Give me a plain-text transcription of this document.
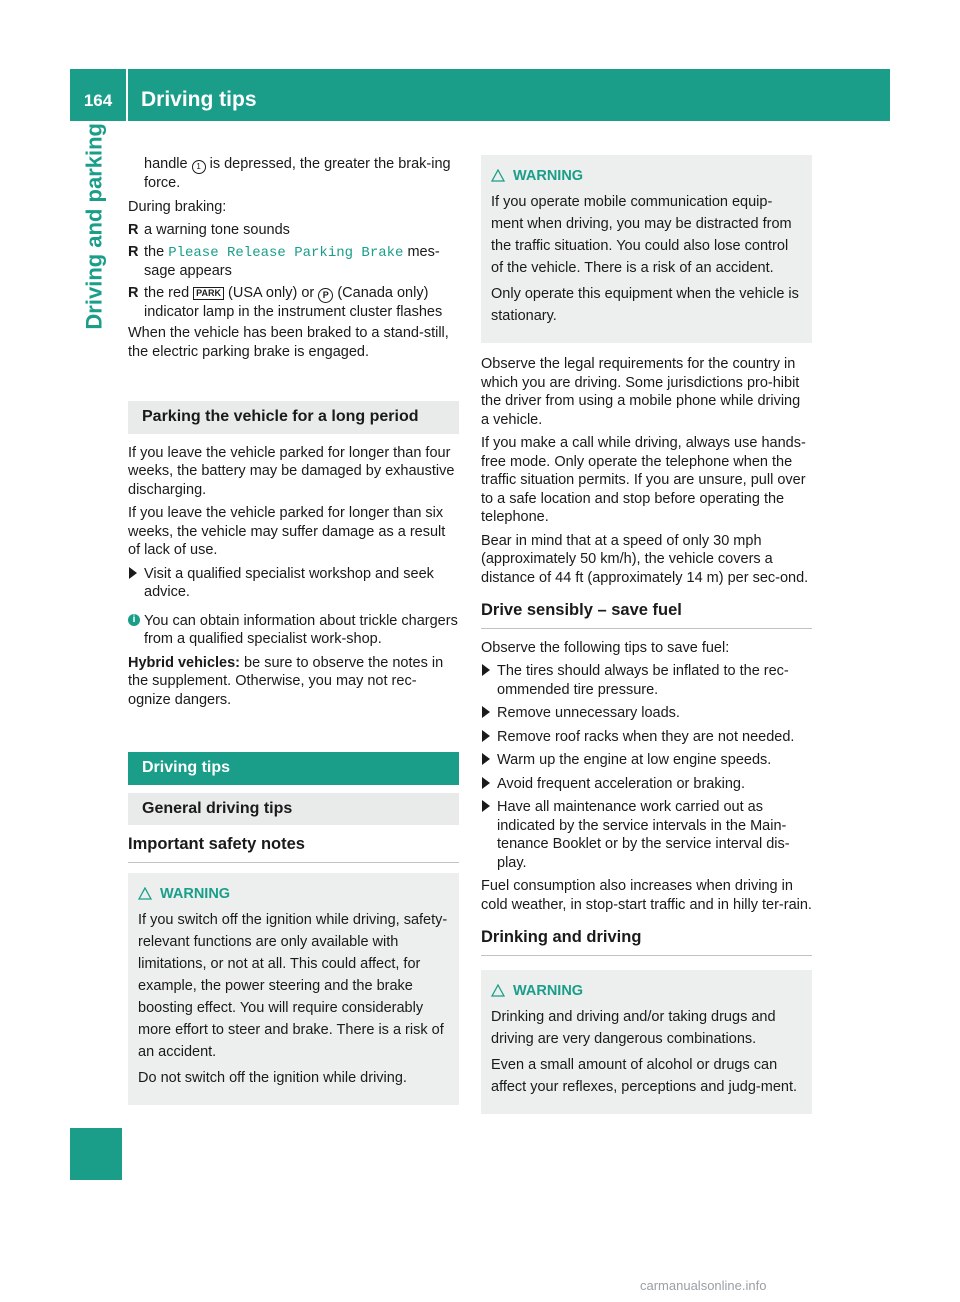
164	Driving tips
Driving and parking	handle 1 is depressed, the greater the brak-ing force.

During braking:

R a warning tone sounds
R the Please Release Parking Brake mes-sage appears
R the red PARK (USA only) or P (Canada only) indicator lamp in the instrument cluster flashes

When the vehicle has been braked to a stand-still, the electric parking brake is engaged.

Parking the vehicle for a long period

If you leave the vehicle parked for longer than four weeks, the battery may be damaged by exhaustive discharging.

If you leave the vehicle parked for longer than six weeks, the vehicle may suffer damage as a result of lack of use.

Visit a qualified specialist workshop and seek advice.
i You can obtain information about trickle chargers from a qualified specialist work-shop.

Hybrid vehicles: be sure to observe the notes in the supplement. Otherwise, you may not rec-ognize dangers.

Driving tips
General driving tips
Important safety notes
WARNING

If you switch off the ignition while driving, safety-relevant functions are only available with limitations, or not at all. This could affect, for example, the power steering and the brake boosting effect. You will require considerably more effort to steer and brake. There is a risk of an accident.

Do not switch off the ignition while driving.

WARNING

If you operate mobile communication equip-ment when driving, you may be distracted from the traffic situation. You could also lose control of the vehicle. There is a risk of an accident.

Only operate this equipment when the vehicle is stationary.

Observe the legal requirements for the country in which you are driving. Some jurisdictions pro-hibit the driver from using a mobile phone while driving a vehicle.

If you make a call while driving, always use hands-free mode. Only operate the telephone when the traffic situation permits. If you are unsure, pull over to a safe location and stop before operating the telephone.

Bear in mind that at a speed of only 30 mph (approximately 50 km/h), the vehicle covers a distance of 44 ft (approximately 14 m) per sec-ond.

Drive sensibly – save fuel

Observe the following tips to save fuel:

The tires should always be inflated to the rec-ommended tire pressure.
Remove unnecessary loads.
Remove roof racks when they are not needed.
Warm up the engine at low engine speeds.
Avoid frequent acceleration or braking.
Have all maintenance work carried out as indicated by the service intervals in the Main-tenance Booklet or by the service interval dis-play.

Fuel consumption also increases when driving in cold weather, in stop-start traffic and in hilly ter-rain.

Drinking and driving
WARNING

Drinking and driving and/or taking drugs and driving are very dangerous combinations.

Even a small amount of alcohol or drugs can affect your reflexes, perceptions and judg-ment.

carmanualsonline.info
